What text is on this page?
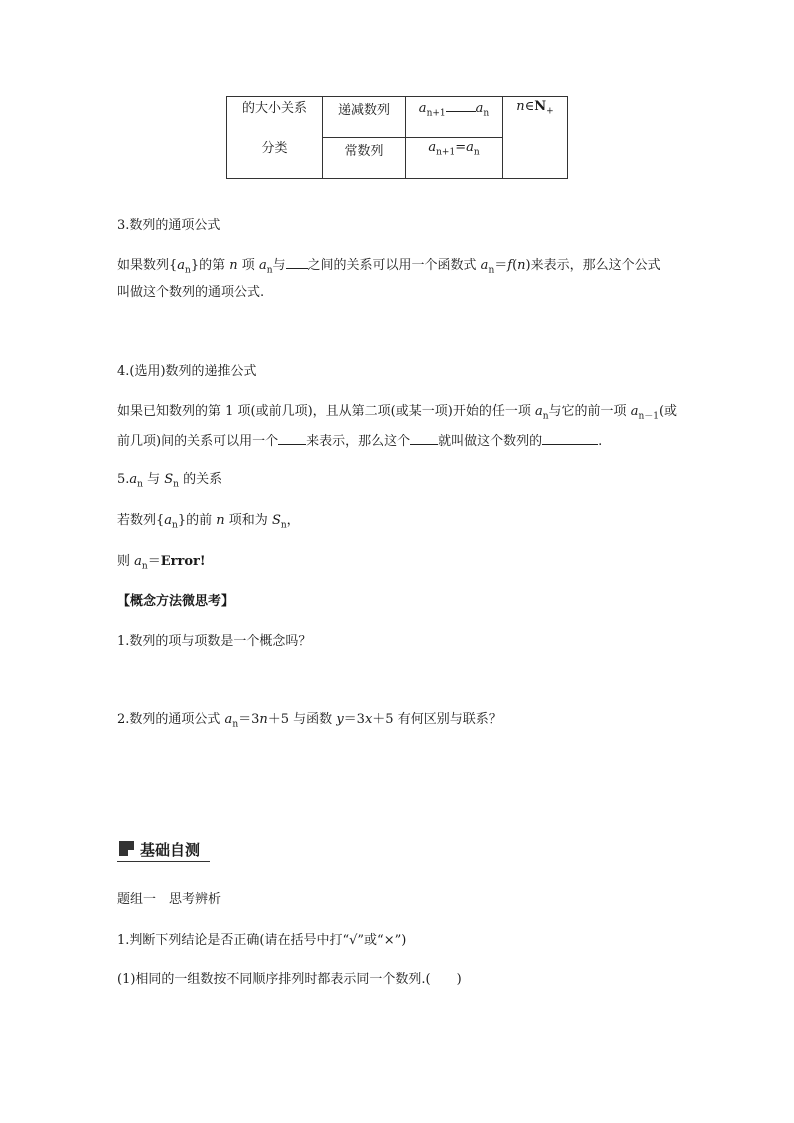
的大小关系
分类	递减数列	$a_{n+1}$ $a_n$	$n\in N_+$

	常数列	$a_{n+1}=a_n$
3.数列的通项公式
如果数列$\{a_n\}$的第 n 项 $a_n$与 之间的关系可以用一个函数式 $a_n=f(n)$来表示，那么这个公式
叫做这个数列的通项公式.
4.(选用)数列的递推公式
如果已知数列的第 1 项(或前几项)，且从第二项(或某一项)开始的任一项 $a_n$与它的前一项 $a_{n-1}$(或
前几项)间的关系可以用一个 来表示，那么这个 就叫做这个数列的	.
$5.a_n$ 与 $S_n$ 的关系
若数列$\{a_n\}$的前 n 项和为 $S_n$，
则 $a_n=Error$!
【概念方法微思考】
1.数列的项与项数是一个概念吗？
2.数列的通项公式 $a_n=3n+5$ 与函数 y＝3x＋5 有何区别与联系？
基础自测
题组一　思考辨析
1.判断下列结论是否正确(请在括号中打“√”或“×”)
(1)相同的一组数按不同顺序排列时都表示同一个数列.(　　)
